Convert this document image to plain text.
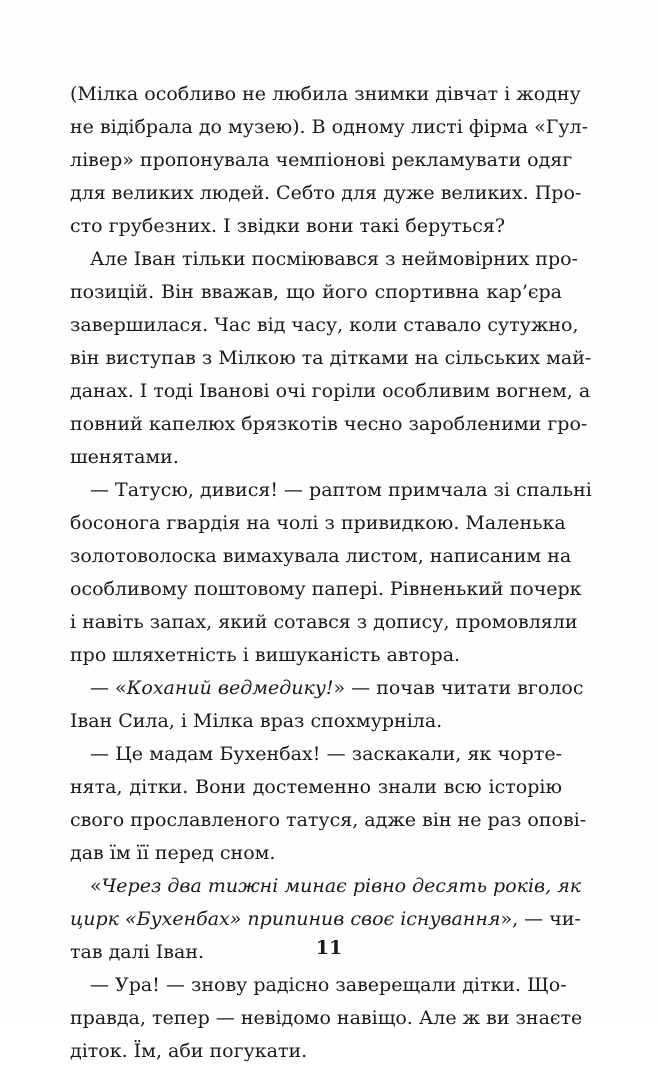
(Мілка особливо не любила знимки дівчат і жодну
не відібрала до музею). В одному листі фірма «Гул-
лівер» пропонувала чемпіонові рекламувати одяг
для великих людей. Себто для дуже великих. Про-
сто грубезних. І звідки вони такі беруться?

Але Іван тільки посміювався з неймовірних про-
позицій. Він вважав, що його спортивна кар’єра
завершилася. Час від часу, коли ставало сутужно,
він виступав з Мілкою та дітками на сільських май-
данах. І тоді Іванові очі горіли особливим вогнем, а
повний капелюх брязкотів чесно заробленими гро-
шенятами.

— Татусю, дивися! — раптом примчала зі спальні
босонога гвардія на чолі з привидкою. Маленька
золотоволоска вимахувала листом, написаним на
особливому поштовому папері. Рівненький почерк
і навіть запах, який сотався з допису, промовляли
про шляхетність і вишуканість автора.

— «Коханий ведмедику!» — почав читати вголос
Іван Сила, і Мілка враз спохмурніла.

— Це мадам Бухенбах! — заскакали, як чорте-
нята, дітки. Вони достеменно знали всю історію
свого прославленого татуся, адже він не раз опові-
дав їм її перед сном.

«Через два тижні минає рівно десять років, як
цирк «Бухенбах» припинив своє існування», — чи-
тав далі Іван.

— Ура! — знову радісно заверещали дітки. Що-
правда, тепер — невідомо навіщо. Але ж ви знаєте
діток. Їм, аби погукати.

11
